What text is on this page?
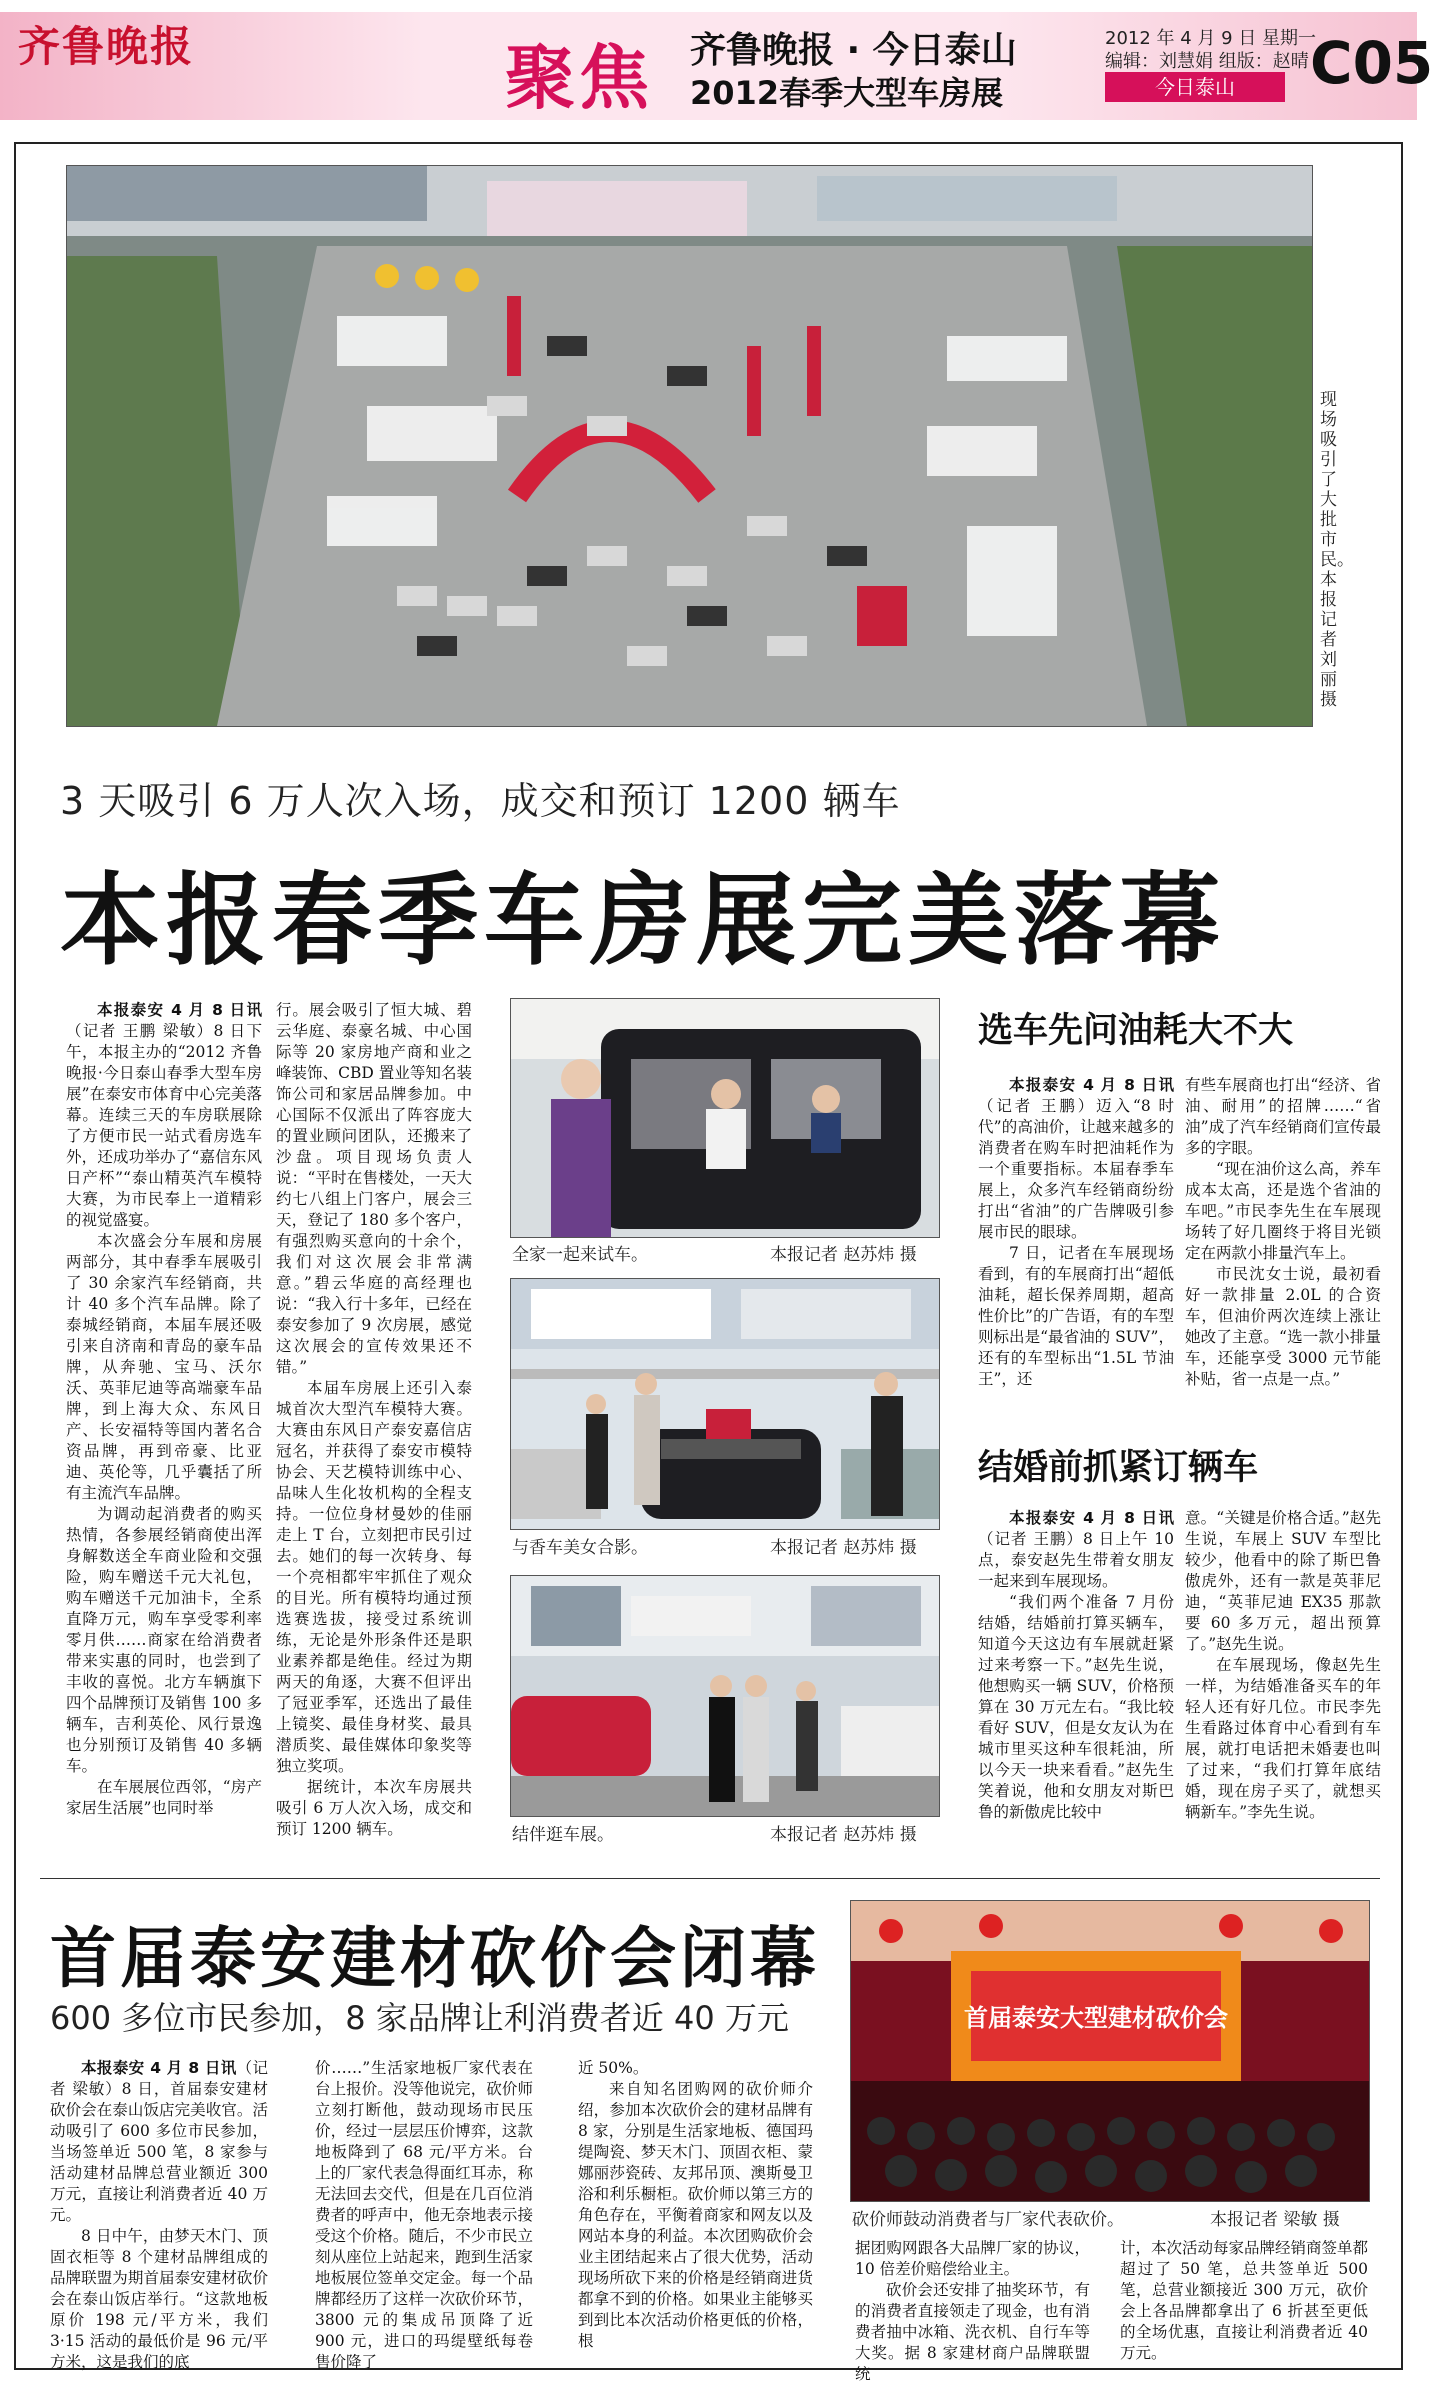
齐鲁晚报	聚焦 齐鲁晚报 · 今日泰山
2012春季大型车房展
2012 年 4 月 9 日 星期一
编辑：刘慧娟 组版：赵晴
今日泰山	C05
现场吸引了大批市民。本报记者 刘丽 摄
3 天吸引 6 万人次入场，成交和预订 1200 辆车
本报春季车房展完美落幕

本报泰安 4 月 8 日讯（记者 王鹏 梁敏）8 日下午，本报主办的“2012 齐鲁晚报·今日泰山春季大型车房展”在泰安市体育中心完美落幕。连续三天的车房联展除了方便市民一站式看房选车外，还成功举办了“嘉信东风日产杯”“泰山精英汽车模特大赛，为市民奉上一道精彩的视觉盛宴。

本次盛会分车展和房展两部分，其中春季车展吸引了 30 余家汽车经销商，共计 40 多个汽车品牌。除了泰城经销商，本届车展还吸引来自济南和青岛的豪车品牌，从奔驰、宝马、沃尔沃、英菲尼迪等高端豪车品牌，到上海大众、东风日产、长安福特等国内著名合资品牌，再到帝豪、比亚迪、英伦等，几乎囊括了所有主流汽车品牌。

为调动起消费者的购买热情，各参展经销商使出浑身解数送全车商业险和交强险，购车赠送千元大礼包，购车赠送千元加油卡，全系直降万元，购车享受零利率零月供……商家在给消费者带来实惠的同时，也尝到了丰收的喜悦。北方车辆旗下四个品牌预订及销售 100 多辆车，吉利英伦、风行景逸也分别预订及销售 40 多辆车。

在车展展位西邻，“房产家居生活展”也同时举

行。展会吸引了恒大城、碧云华庭、泰豪名城、中心国际等 20 家房地产商和业之峰装饰、CBD 置业等知名装饰公司和家居品牌参加。中心国际不仅派出了阵容庞大的置业顾问团队，还搬来了沙盘。项目现场负责人说：“平时在售楼处，一天大约七八组上门客户，展会三天，登记了 180 多个客户，有强烈购买意向的十余个，我们对这次展会非常满意。”碧云华庭的高经理也说：“我入行十多年，已经在泰安参加了 9 次房展，感觉这次展会的宣传效果还不错。”

本届车房展上还引入泰城首次大型汽车模特大赛。大赛由东风日产泰安嘉信店冠名，并获得了泰安市模特协会、天艺模特训练中心、品味人生化妆机构的全程支持。一位位身材曼妙的佳丽走上 T 台，立刻把市民引过去。她们的每一次转身、每一个亮相都牢牢抓住了观众的目光。所有模特均通过预选赛选拔，接受过系统训练，无论是外形条件还是职业素养都是绝佳。经过为期两天的角逐，大赛不但评出了冠亚季军，还选出了最佳上镜奖、最佳身材奖、最具潜质奖、最佳媒体印象奖等独立奖项。

据统计，本次车房展共吸引 6 万人次入场，成交和预订 1200 辆车。

全家一起来试车。	本报记者 赵苏炜 摄
与香车美女合影。	本报记者 赵苏炜 摄
结伴逛车展。	本报记者 赵苏炜 摄
选车先问油耗大不大

本报泰安 4 月 8 日讯（记者 王鹏）迈入“8 时代”的高油价，让越来越多的消费者在购车时把油耗作为一个重要指标。本届春季车展上，众多汽车经销商纷纷打出“省油”的广告牌吸引参展市民的眼球。

7 日，记者在车展现场看到，有的车展商打出“超低油耗，超长保养周期，超高性价比”的广告语，有的车型则标出是“最省油的 SUV”，还有的车型标出“1.5L 节油王”，还

有些车展商也打出“经济、省油、耐用”的招牌……“省油”成了汽车经销商们宣传最多的字眼。

“现在油价这么高，养车成本太高，还是选个省油的车吧。”市民李先生在车展现场转了好几圈终于将目光锁定在两款小排量汽车上。

市民沈女士说，最初看好一款排量 2.0L 的合资车，但油价两次连续上涨让她改了主意。“选一款小排量车，还能享受 3000 元节能补贴，省一点是一点。”

结婚前抓紧订辆车

本报泰安 4 月 8 日讯（记者 王鹏）8 日上午 10 点，泰安赵先生带着女朋友一起来到车展现场。

“我们两个准备 7 月份结婚，结婚前打算买辆车，知道今天这边有车展就赶紧过来考察一下。”赵先生说，他想购买一辆 SUV，价格预算在 30 万元左右。“我比较看好 SUV，但是女友认为在城市里买这种车很耗油，所以今天一块来看看。”赵先生笑着说，他和女朋友对斯巴鲁的新傲虎比较中

意。“关键是价格合适。”赵先生说，车展上 SUV 车型比较少，他看中的除了斯巴鲁傲虎外，还有一款是英菲尼迪，“英菲尼迪 EX35 那款要 60 多万元，超出预算了。”赵先生说。

在车展现场，像赵先生一样，为结婚准备买车的年轻人还有好几位。市民李先生看路过体育中心看到有车展，就打电话把未婚妻也叫了过来，“我们打算年底结婚，现在房子买了，就想买辆新车。”李先生说。

首届泰安建材砍价会闭幕
600 多位市民参加，8 家品牌让利消费者近 40 万元	首届泰安大型建材砍价会
砍价师鼓动消费者与厂家代表砍价。	本报记者 梁敏 摄

本报泰安 4 月 8 日讯（记者 梁敏）8 日，首届泰安建材砍价会在泰山饭店完美收官。活动吸引了 600 多位市民参加，当场签单近 500 笔，8 家参与活动建材品牌总营业额近 300 万元，直接让利消费者近 40 万元。

8 日中午，由梦天木门、顶固衣柜等 8 个建材品牌组成的品牌联盟为期首届泰安建材砍价会在泰山饭店举行。“这款地板原价 198 元/平方米，我们 3·15 活动的最低价是 96 元/平方米，这是我们的底

价……”生活家地板厂家代表在台上报价。没等他说完，砍价师立刻打断他，鼓动现场市民压价，经过一层层压价博弈，这款地板降到了 68 元/平方米。台上的厂家代表急得面红耳赤，称无法回去交代，但是在几百位消费者的呼声中，他无奈地表示接受这个价格。随后，不少市民立刻从座位上站起来，跑到生活家地板展位签单交定金。每一个品牌都经历了这样一次砍价环节，3800 元的集成吊顶降了近 900 元，进口的玛缇壁纸每卷售价降了

近 50%。

来自知名团购网的砍价师介绍，参加本次砍价会的建材品牌有 8 家，分别是生活家地板、德国玛缇陶瓷、梦天木门、顶固衣柜、蒙娜丽莎瓷砖、友邦吊顶、澳斯曼卫浴和利乐橱柜。砍价师以第三方的角色存在，平衡着商家和网友以及网站本身的利益。本次团购砍价会业主团结起来占了很大优势，活动现场所砍下来的价格是经销商进货都拿不到的价格。如果业主能够买到到比本次活动价格更低的价格，根

据团购网跟各大品牌厂家的协议，10 倍差价赔偿给业主。

砍价会还安排了抽奖环节，有的消费者直接领走了现金，也有消费者抽中冰箱、洗衣机、自行车等大奖。据 8 家建材商户品牌联盟统

计，本次活动每家品牌经销商签单都超过了 50 笔，总共签单近 500 笔，总营业额接近 300 万元，砍价会上各品牌都拿出了 6 折甚至更低的全场优惠，直接让利消费者近 40 万元。
